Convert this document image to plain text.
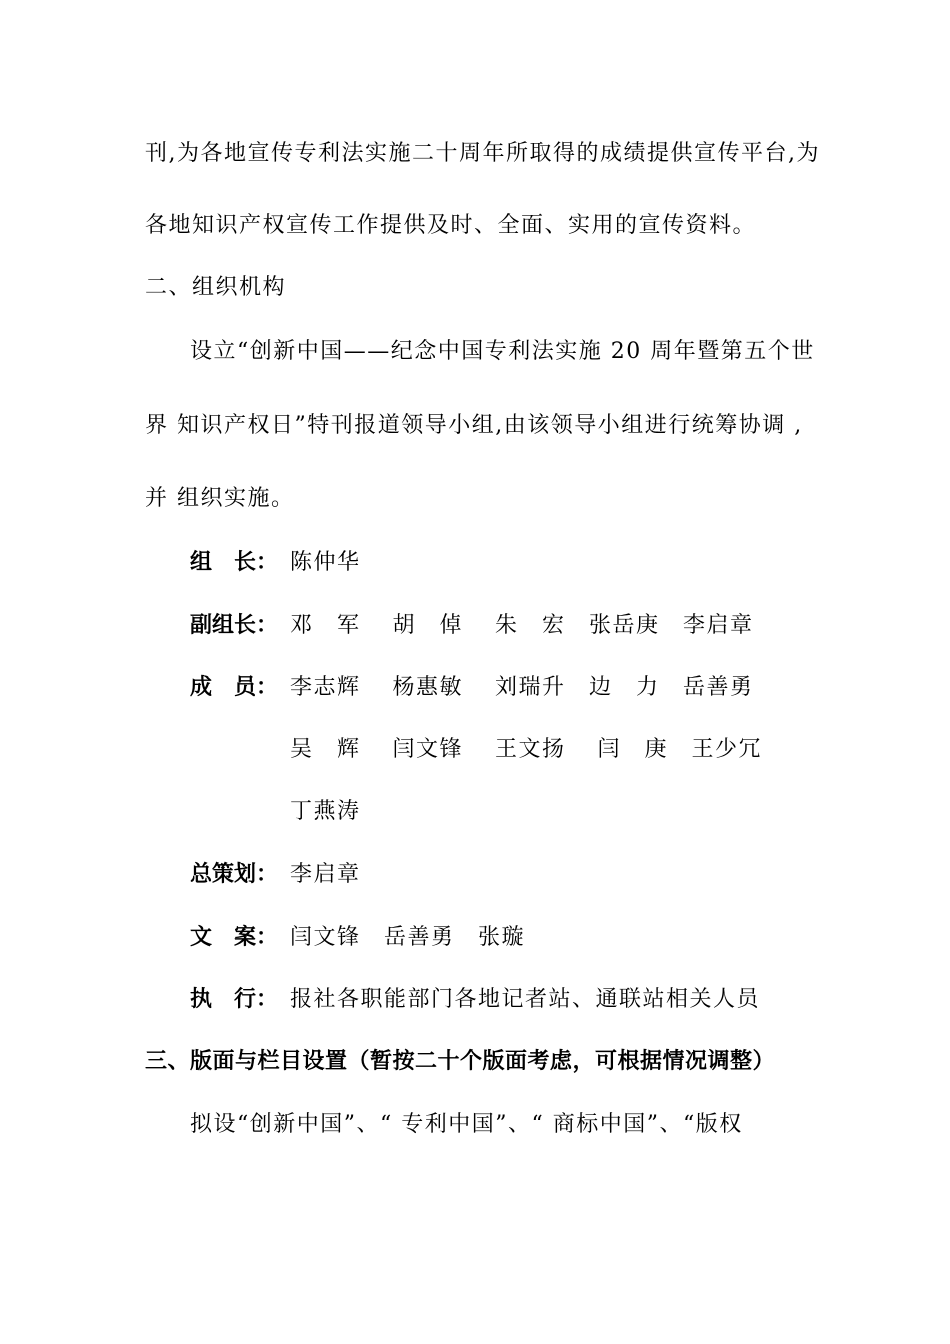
刊,为各地宣传专利法实施二十周年所取得的成绩提供宣传平台,为
各地知识产权宣传工作提供及时、全面、实用的宣传资料。
二、组织机构
设立“创新中国——纪念中国专利法实施 20 周年暨第五个世
界 知识产权日”特刊报道领导小组,由该领导小组进行统筹协调 ,
并 组织实施。
组　长： 陈仲华
副组长： 邓　军　 胡　倬　 朱　宏　张岳庚　李启章
成　员： 李志辉　 杨惠敏　 刘瑞升　边　力　岳善勇
吴　辉　 闫文锋　 王文扬　 闫　庚　王少冗
丁燕涛
总策划： 李启章
文　案： 闫文锋　岳善勇　张璇
执　行： 报社各职能部门各地记者站、通联站相关人员
三、版面与栏目设置（暂按二十个版面考虑，可根据情况调整）
拟设“创新中国”、“ 专利中国”、“ 商标中国”、“版权
